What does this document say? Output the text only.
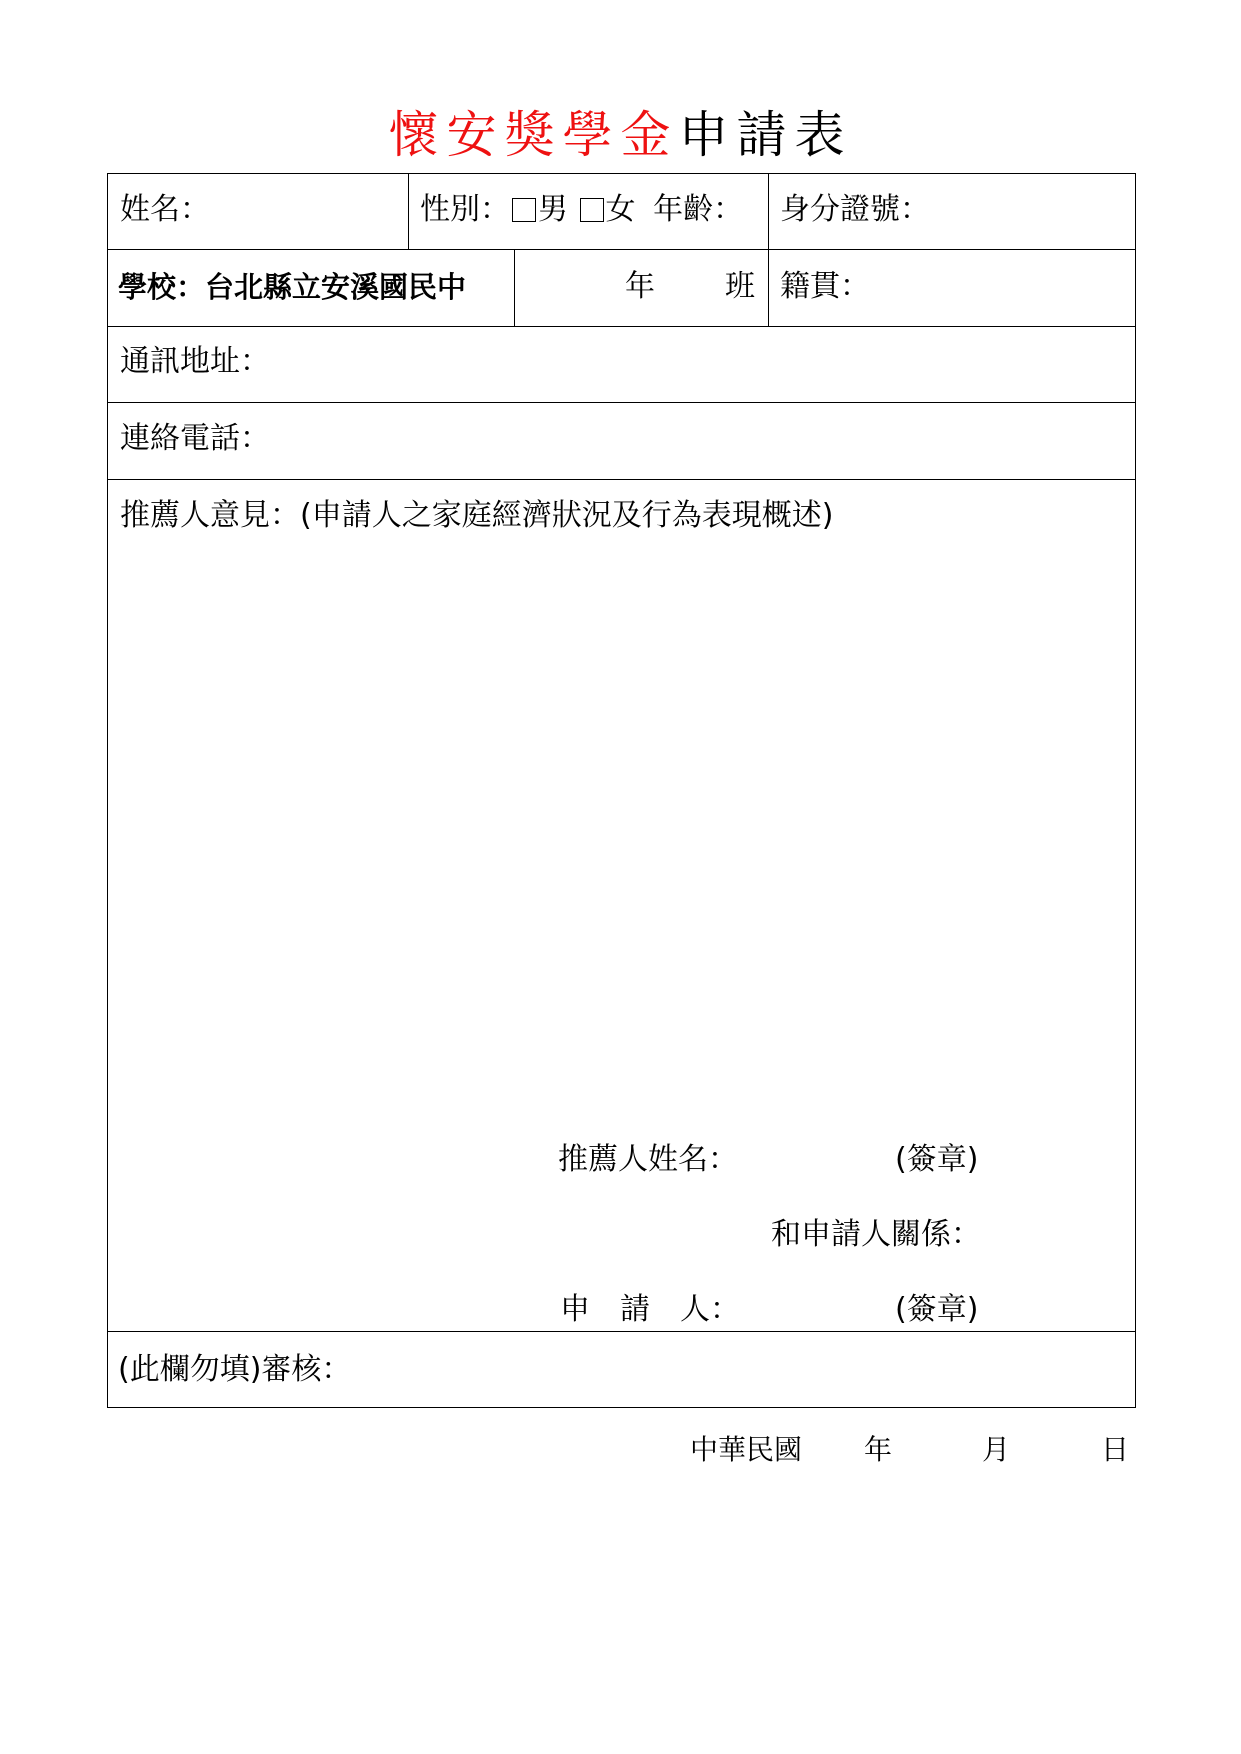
懷安獎學金申請表
姓名：	性別： 男 女 年齡： 身分證號：
學校：台北縣立安溪國民中	年 班 籍貫：
通訊地址：
連絡電話：
推薦人意見：(申請人之家庭經濟狀況及行為表現概述)
推薦人姓名：	(簽章)
和申請人關係：
申　請　人：	(簽章)
(此欄勿填)審核：
中華民國 年	月	日
